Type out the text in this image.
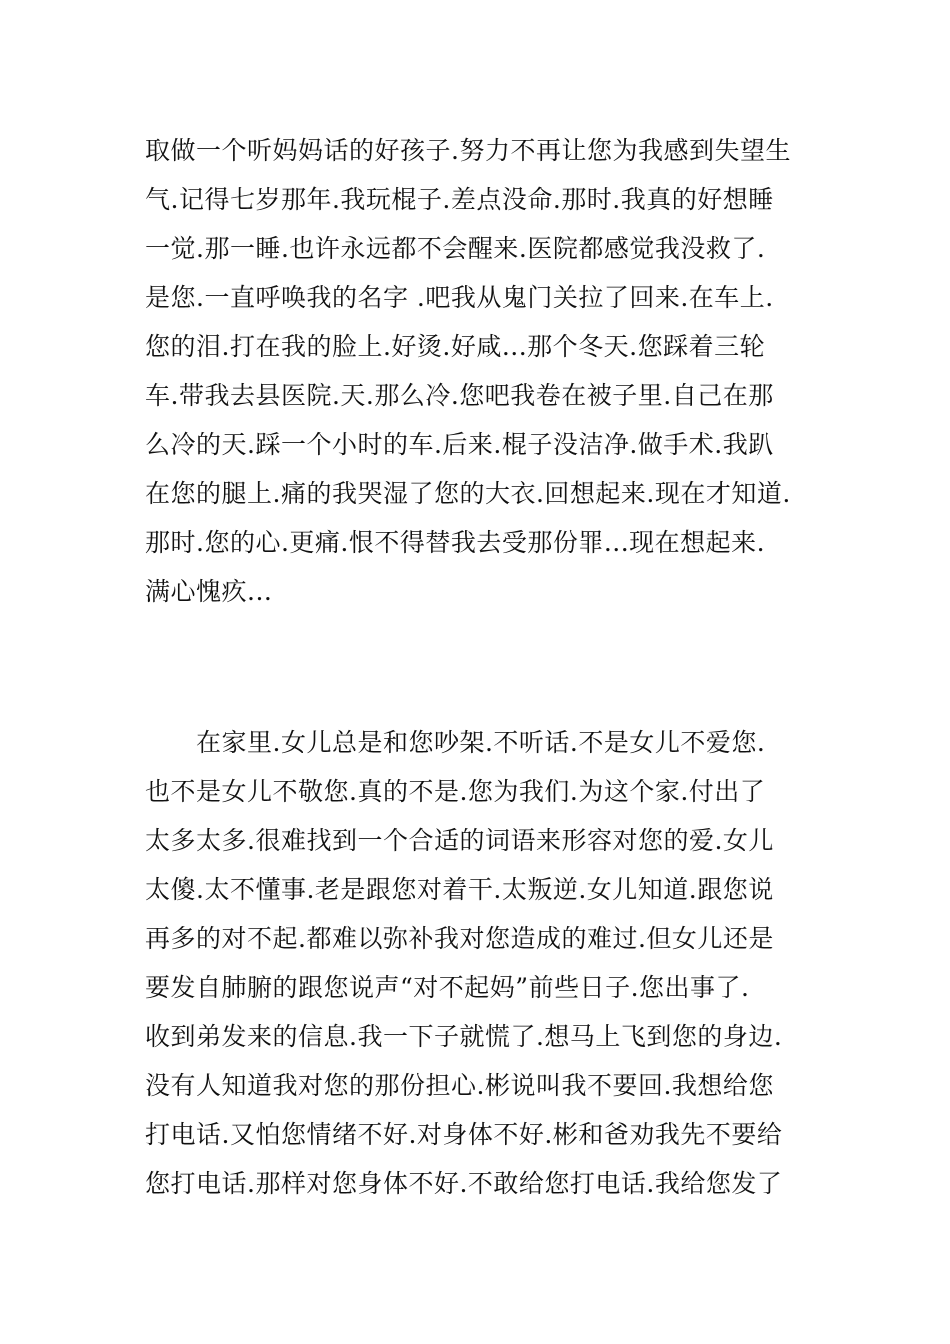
取做一个听妈妈话的好孩子.努力不再让您为我感到失望生
气.记得七岁那年.我玩棍子.差点没命.那时.我真的好想睡
一觉.那一睡.也许永远都不会醒来.医院都感觉我没救了.
是您.一直呼唤我的名字 .吧我从鬼门关拉了回来.在车上.
您的泪.打在我的脸上.好烫.好咸...那个冬天.您踩着三轮
车.带我去县医院.天.那么冷.您吧我卷在被子里.自己在那
么冷的天.踩一个小时的车.后来.棍子没洁净.做手术.我趴
在您的腿上.痛的我哭湿了您的大衣.回想起来.现在才知道.
那时.您的心.更痛.恨不得替我去受那份罪...现在想起来.
满心愧疚...
　　在家里.女儿总是和您吵架.不听话.不是女儿不爱您.
也不是女儿不敬您.真的不是.您为我们.为这个家.付出了
太多太多.很难找到一个合适的词语来形容对您的爱.女儿
太傻.太不懂事.老是跟您对着干.太叛逆.女儿知道.跟您说
再多的对不起.都难以弥补我对您造成的难过.但女儿还是
要发自肺腑的跟您说声“对不起妈”前些日子.您出事了.
收到弟发来的信息.我一下子就慌了.想马上飞到您的身边.
没有人知道我对您的那份担心.彬说叫我不要回.我想给您
打电话.又怕您情绪不好.对身体不好.彬和爸劝我先不要给
您打电话.那样对您身体不好.不敢给您打电话.我给您发了
